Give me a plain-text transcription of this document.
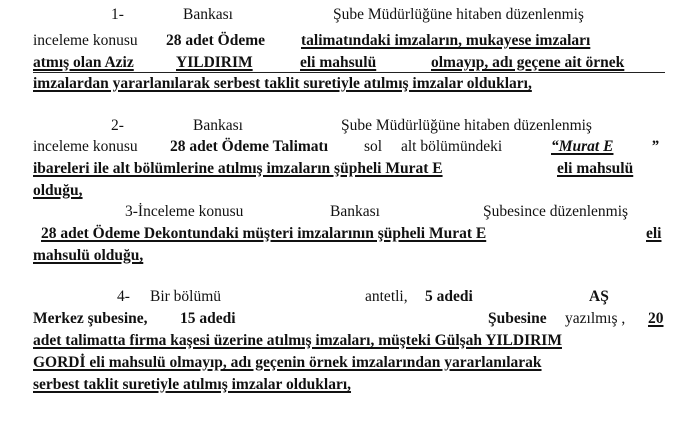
1-

	Bankası

	Şube Müdürlüğüne hitaben düzenlenmiş

inceleme konusu

28 adet Ödeme

talimatındaki imzaların, mukayese imzaları

atmış olan Aziz

	YILDIRIM

	eli mahsulü

	olmayıp, adı geçene ait örnek

imzalardan yararlanılarak serbest taklit suretiyle atılmış imzalar oldukları,

2-

	Bankası

	Şube Müdürlüğüne hitaben düzenlenmiş

inceleme konusu

28 adet Ödeme Talimatı

sol

alt bölümündeki

	“Murat E

”

ibareleri ile alt bölümlerine atılmış imzaların şüpheli Murat E

	eli mahsulü

olduğu,

3-İnceleme konusu

	Bankası

	Şubesince düzenlenmiş

28 adet Ödeme Dekontundaki müşteri imzalarının şüpheli Murat E

	eli

mahsulü olduğu,

4-

Bir bölümü

	antetli,

5 adedi

	AŞ

Merkez şubesine,

15 adedi

	Şubesine

yazılmış ,

20

adet talimatta firma kaşesi üzerine atılmış imzaları, müşteki Gülşah YILDIRIM

GORDİ eli mahsulü olmayıp, adı geçenin örnek imzalarından yararlanılarak

serbest taklit suretiyle atılmış imzalar oldukları,
